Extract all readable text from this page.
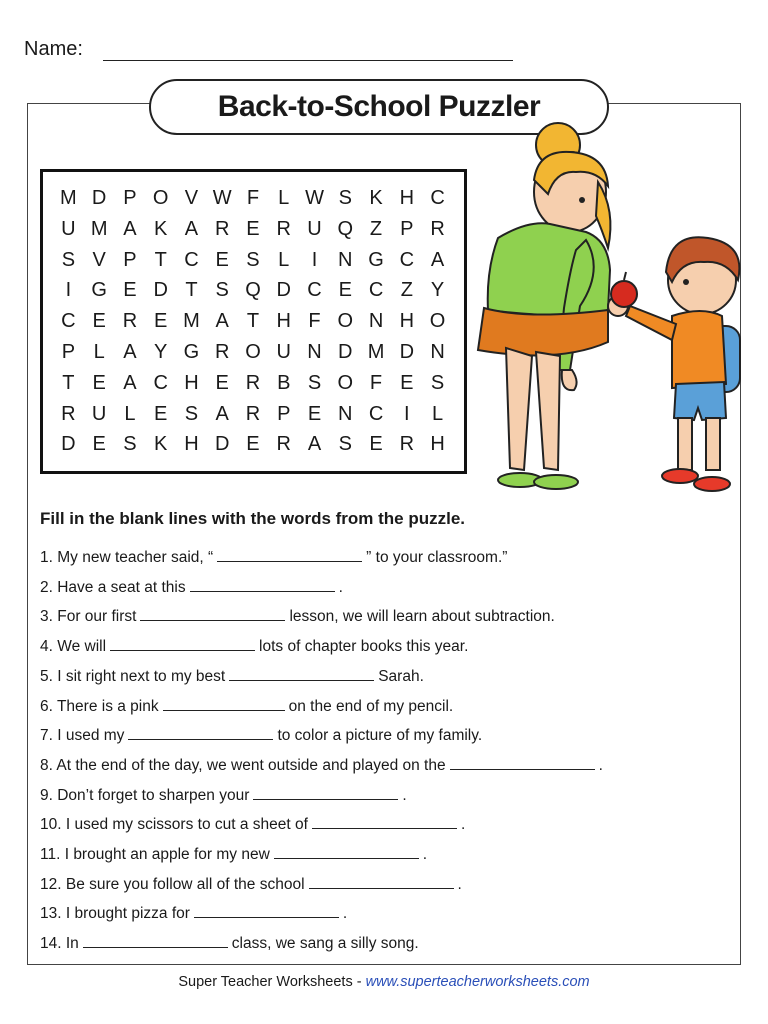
Name:
Back-to-School Puzzler
M D P O V W F L W S K H C
U M A K A R E R U Q Z P R
S V P T C E S L	I	N G C A
I	G E D T S Q D C E C Z Y
C E R E M A T H F O N H O
P L A Y G R O U N D M D N
T E A C H E R B S O F E S
R U L E S A R P E N C	I	L
D E S K H D E R A S E R H
Fill in the blank lines with the words from the puzzle.
1. My new teacher said, “	” to your classroom.”
2. Have a seat at this	.
3. For our first	lesson, we will learn about subtraction.
4. We will	lots of chapter books this year.
5. I sit right next to my best	Sarah.
6. There is a pink	on the end of my pencil.
7. I used my	to color a picture of my family.
8. At the end of the day, we went outside and played on the	.
9. Don’t forget to sharpen your	.
10. I used my scissors to cut a sheet of	.
11. I brought an apple for my new	.
12. Be sure you follow all of the school	.
13. I brought pizza for	.
14. In	class, we sang a silly song.
Super Teacher Worksheets - www.superteacherworksheets.com
